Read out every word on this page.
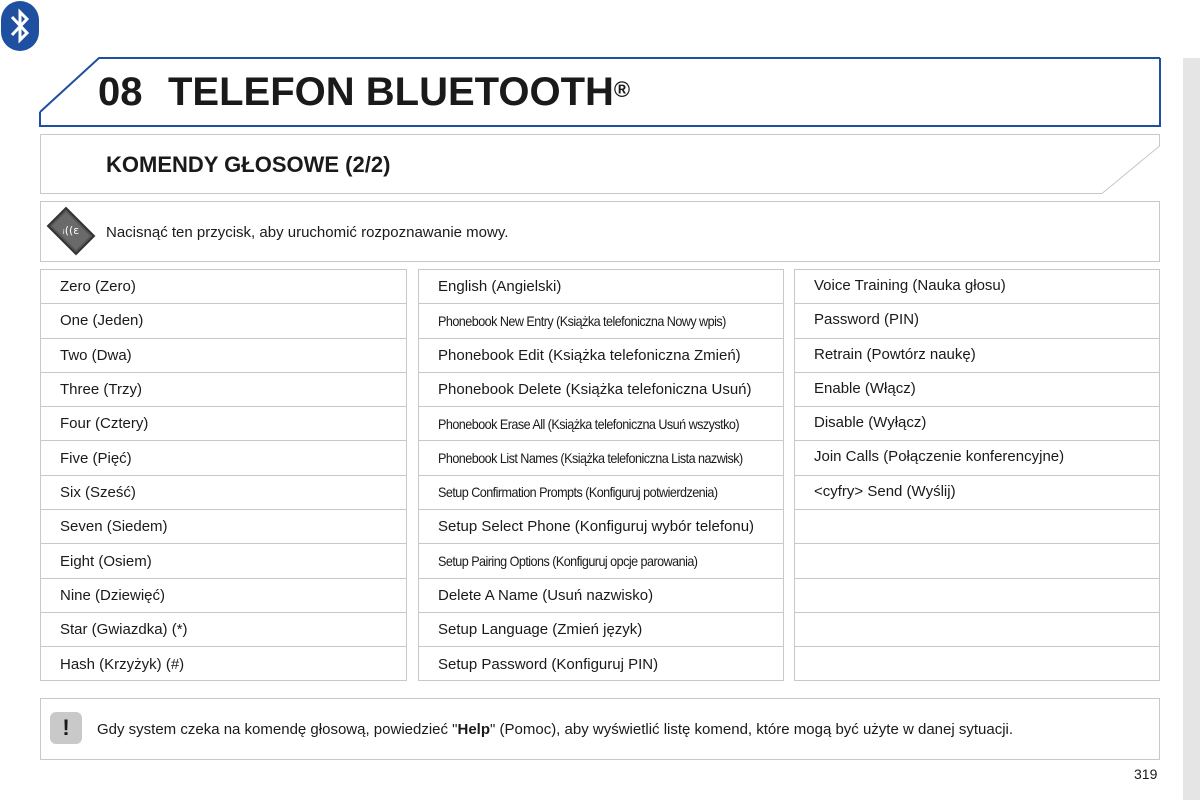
08 TELEFON BLUETOOTH®
KOMENDY GŁOSOWE (2/2)
ᵢ((ε Nacisnąć ten przycisk, aby uruchomić rozpoznawanie mowy.
Zero (Zero)
One (Jeden)
Two (Dwa)
Three (Trzy)
Four (Cztery)
Five (Pięć)
Six (Sześć)
Seven (Siedem)
Eight (Osiem)
Nine (Dziewięć)
Star (Gwiazdka) (*)
Hash (Krzyżyk) (#)
English (Angielski)
Phonebook New Entry (Książka telefoniczna Nowy wpis)
Phonebook Edit (Książka telefoniczna Zmień)
Phonebook Delete (Książka telefoniczna Usuń)
Phonebook Erase All (Książka telefoniczna Usuń wszystko)
Phonebook List Names (Książka telefoniczna Lista nazwisk)
Setup Confirmation Prompts (Konfiguruj potwierdzenia)
Setup Select Phone (Konfiguruj wybór telefonu)
Setup Pairing Options (Konfiguruj opcje parowania)
Delete A Name (Usuń nazwisko)
Setup Language (Zmień język)
Setup Password (Konfiguruj PIN)
Voice Training (Nauka głosu)
Password (PIN)
Retrain (Powtórz naukę)
Enable (Włącz)
Disable (Wyłącz)
Join Calls (Połączenie konferencyjne)
<cyfry> Send (Wyślij)
!	Gdy system czeka na komendę głosową, powiedzieć "Help" (Pomoc), aby wyświetlić listę komend, które mogą być użyte w danej sytuacji.
319
